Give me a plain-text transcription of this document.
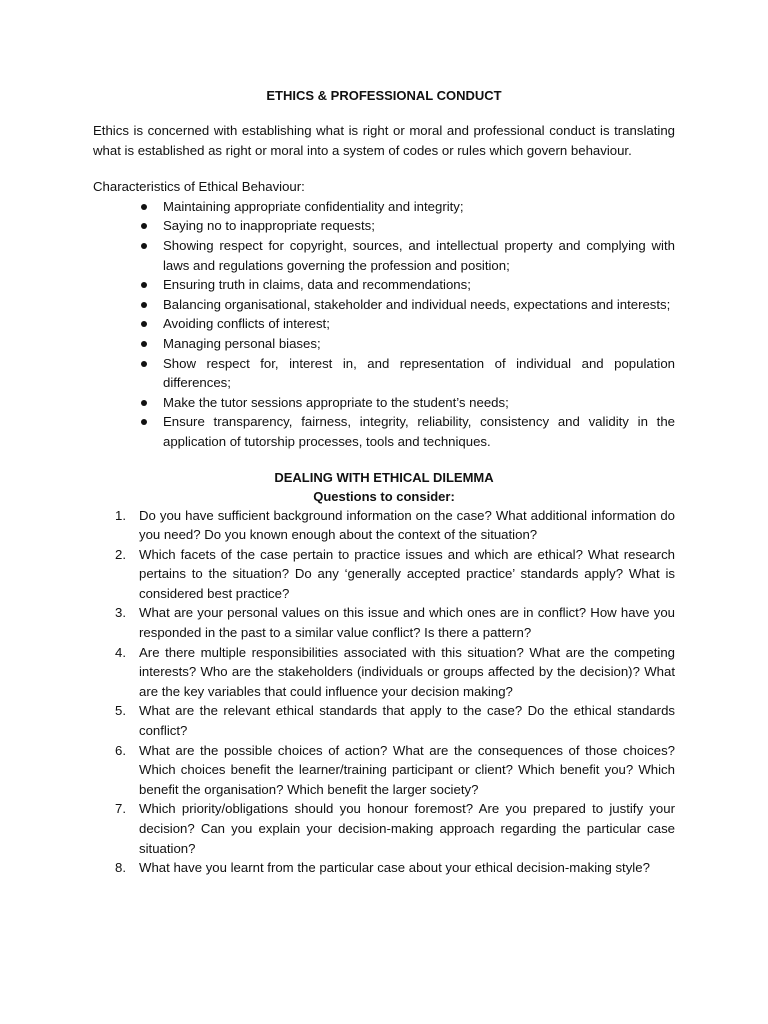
ETHICS & PROFESSIONAL CONDUCT

Ethics is concerned with establishing what is right or moral and professional conduct is translating what is established as right or moral into a system of codes or rules which govern behaviour.

Characteristics of Ethical Behaviour:

Maintaining appropriate confidentiality and integrity;
Saying no to inappropriate requests;
Showing respect for copyright, sources, and intellectual property and complying with laws and regulations governing the profession and position;
Ensuring truth in claims, data and recommendations;
Balancing organisational, stakeholder and individual needs, expectations and interests;
Avoiding conflicts of interest;
Managing personal biases;
Show respect for, interest in, and representation of individual and population differences;
Make the tutor sessions appropriate to the student’s needs;
Ensure transparency, fairness, integrity, reliability, consistency and validity in the application of tutorship processes, tools and techniques.
DEALING WITH ETHICAL DILEMMA
Questions to consider:
1. Do you have sufficient background information on the case? What additional information do you need? Do you known enough about the context of the situation?
2. Which facets of the case pertain to practice issues and which are ethical? What research pertains to the situation? Do any ‘generally accepted practice’ standards apply? What is considered best practice?
3. What are your personal values on this issue and which ones are in conflict? How have you responded in the past to a similar value conflict? Is there a pattern?
4. Are there multiple responsibilities associated with this situation? What are the competing interests? Who are the stakeholders (individuals or groups affected by the decision)? What are the key variables that could influence your decision making?
5. What are the relevant ethical standards that apply to the case? Do the ethical standards conflict?
6. What are the possible choices of action? What are the consequences of those choices? Which choices benefit the learner/training participant or client? Which benefit you? Which benefit the organisation? Which benefit the larger society?
7. Which priority/obligations should you honour foremost? Are you prepared to justify your decision? Can you explain your decision-making approach regarding the particular case situation?
8. What have you learnt from the particular case about your ethical decision-making style?
